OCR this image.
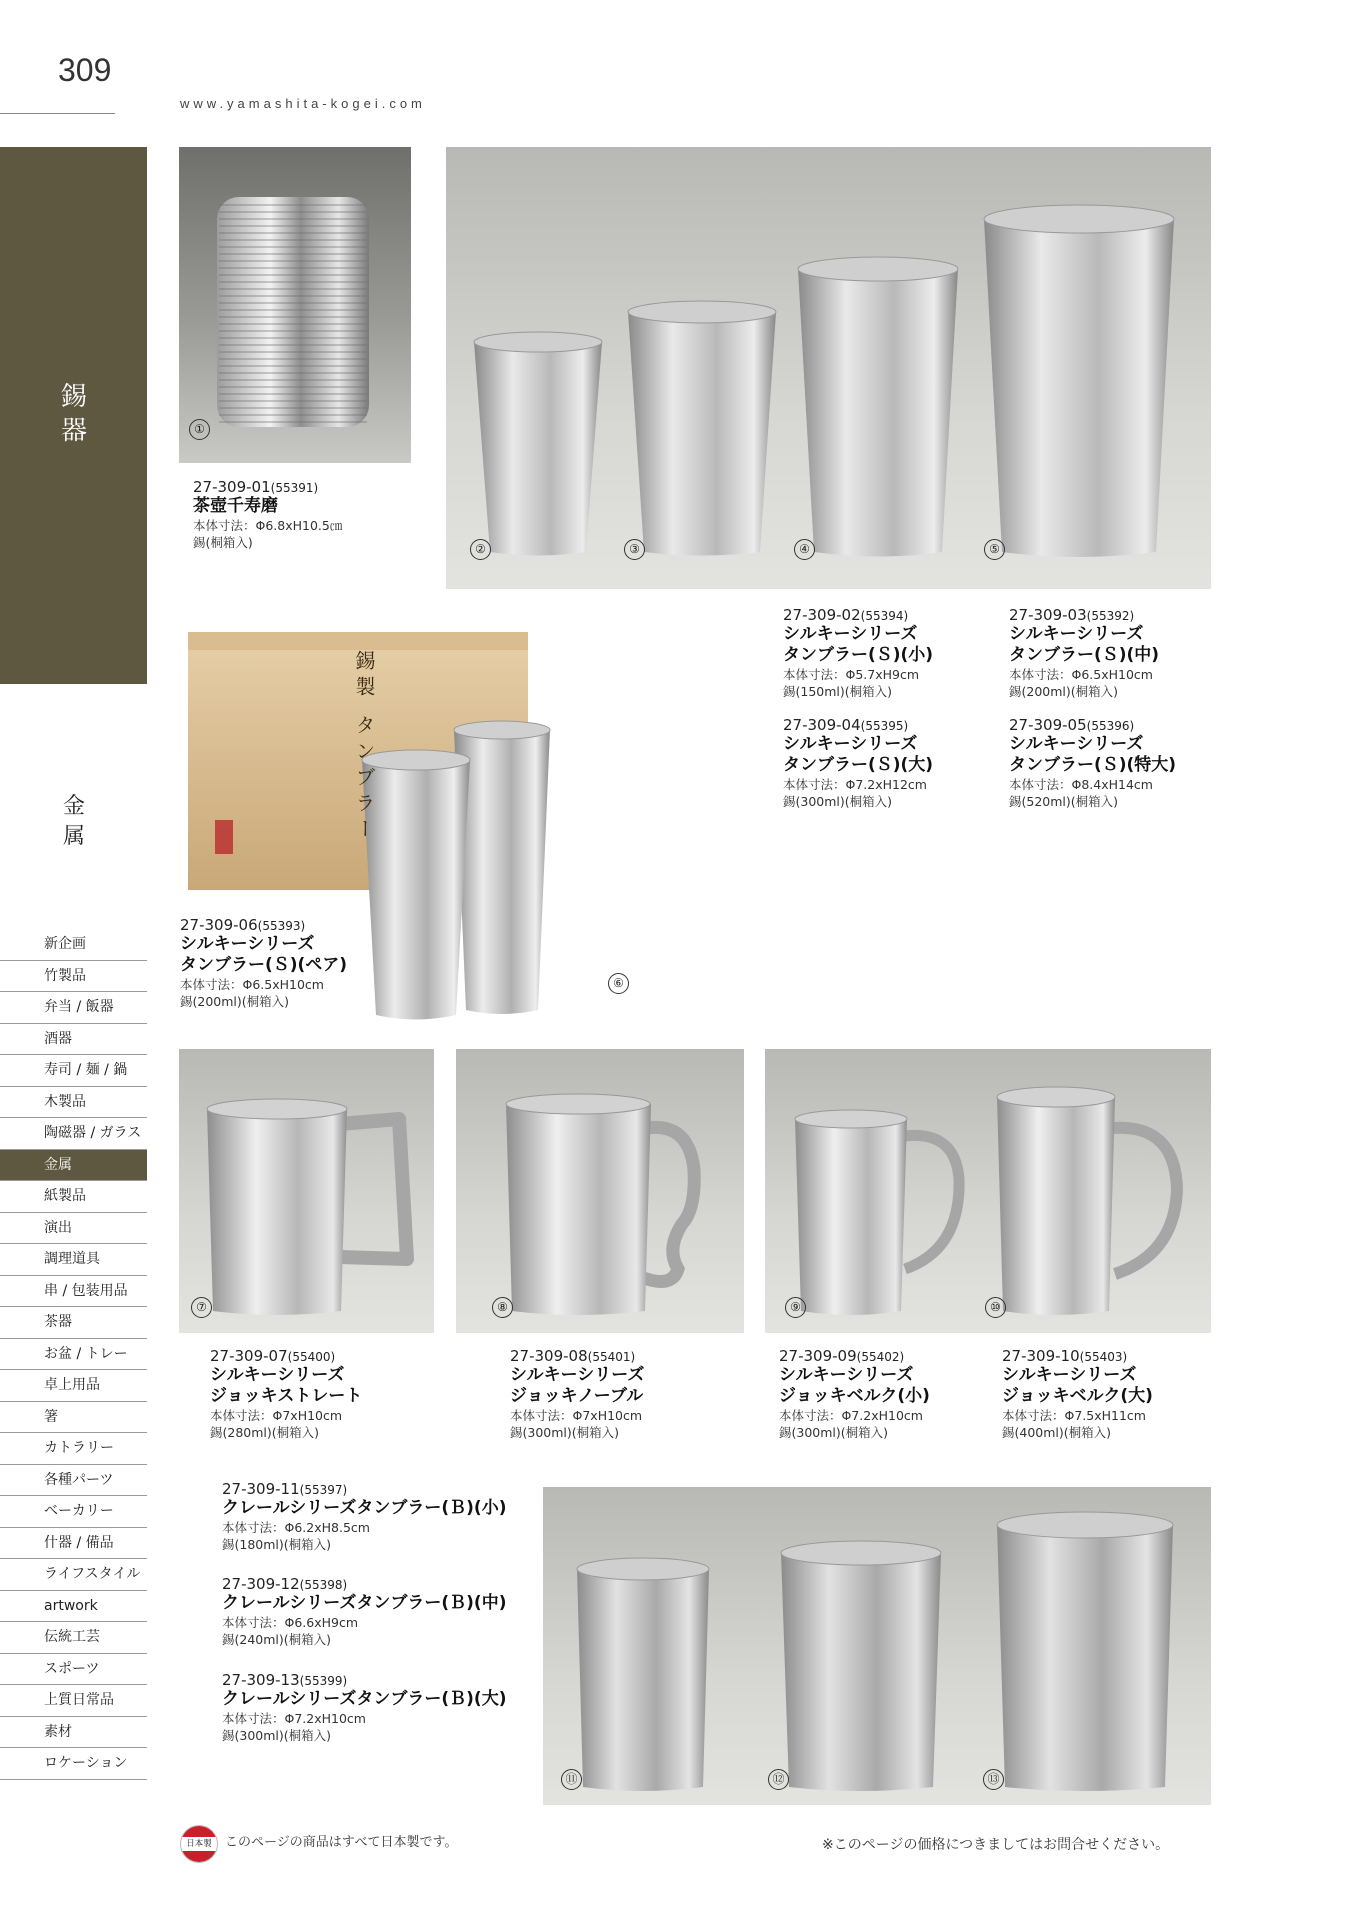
309
www.yamashita-kogei.com
錫
器
金
属
新企画
竹製品
弁当 / 飯器
酒器
寿司 / 麺 / 鍋
木製品
陶磁器 / ガラス
金属
紙製品
演出
調理道具
串 / 包装用品
茶器
お盆 / トレー
卓上用品
箸
カトラリー
各種パーツ
ベーカリー
什器 / 備品
ライフスタイル
artwork
伝統工芸
スポーツ
上質日常品
素材
ロケーション
①
27-309-01(55391)
茶壺千寿磨
本体寸法：Φ6.8xH10.5㎝
錫(桐箱入)	②	③	④	⑤
27-309-02(55394)
シルキーシリーズ
タンブラー(Ｓ)(小)
本体寸法：Φ5.7xH9cm
錫(150ml)(桐箱入)
27-309-03(55392)
シルキーシリーズ
タンブラー(Ｓ)(中)
本体寸法：Φ6.5xH10cm
錫(200ml)(桐箱入)
27-309-04(55395)
シルキーシリーズ
タンブラー(Ｓ)(大)
本体寸法：Φ7.2xH12cm
錫(300ml)(桐箱入)
27-309-05(55396)
シルキーシリーズ
タンブラー(Ｓ)(特大)
本体寸法：Φ8.4xH14cm
錫(520ml)(桐箱入)
錫製 タンブラー
⑥
27-309-06(55393)
シルキーシリーズ
タンブラー(Ｓ)(ペア)
本体寸法：Φ6.5xH10cm
錫(200ml)(桐箱入)
⑦	⑧	⑨	⑩
27-309-07(55400)
シルキーシリーズ
ジョッキストレート
本体寸法：Φ7xH10cm
錫(280ml)(桐箱入)
27-309-08(55401)
シルキーシリーズ
ジョッキノーブル
本体寸法：Φ7xH10cm
錫(300ml)(桐箱入)
27-309-09(55402)
シルキーシリーズ
ジョッキベルク(小)
本体寸法：Φ7.2xH10cm
錫(300ml)(桐箱入)
27-309-10(55403)
シルキーシリーズ
ジョッキベルク(大)
本体寸法：Φ7.5xH11cm
錫(400ml)(桐箱入)
27-309-11(55397)
クレールシリーズタンブラー(Ｂ)(小)
本体寸法：Φ6.2xH8.5cm
錫(180ml)(桐箱入)
27-309-12(55398)
クレールシリーズタンブラー(Ｂ)(中)
本体寸法：Φ6.6xH9cm
錫(240ml)(桐箱入)
27-309-13(55399)
クレールシリーズタンブラー(Ｂ)(大)
本体寸法：Φ7.2xH10cm
錫(300ml)(桐箱入)
⑪	⑫	⑬
日本製	このページの商品はすべて日本製です。	※このページの価格につきましてはお問合せください。
